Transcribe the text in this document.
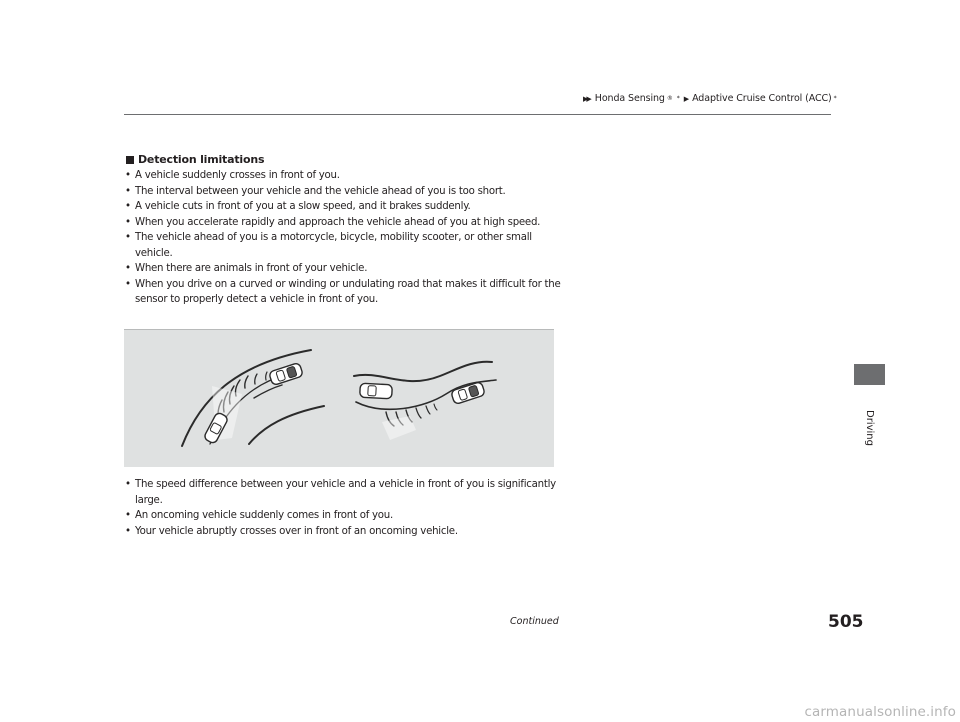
▶▶ Honda Sensing ® * ▶ Adaptive Cruise Control (ACC) *
Driving
Detection limitations
• A vehicle suddenly crosses in front of you.
• The interval between your vehicle and the vehicle ahead of you is too short.
• A vehicle cuts in front of you at a slow speed, and it brakes suddenly.
• When you accelerate rapidly and approach the vehicle ahead of you at high speed.
• The vehicle ahead of you is a motorcycle, bicycle, mobility scooter, or other small vehicle.
• When there are animals in front of your vehicle.
• When you drive on a curved or winding or undulating road that makes it difficult for the sensor to properly detect a vehicle in front of you.
• The speed difference between your vehicle and a vehicle in front of you is significantly large.
• An oncoming vehicle suddenly comes in front of you.
• Your vehicle abruptly crosses over in front of an oncoming vehicle.
Continued	505
carmanualsonline.info
